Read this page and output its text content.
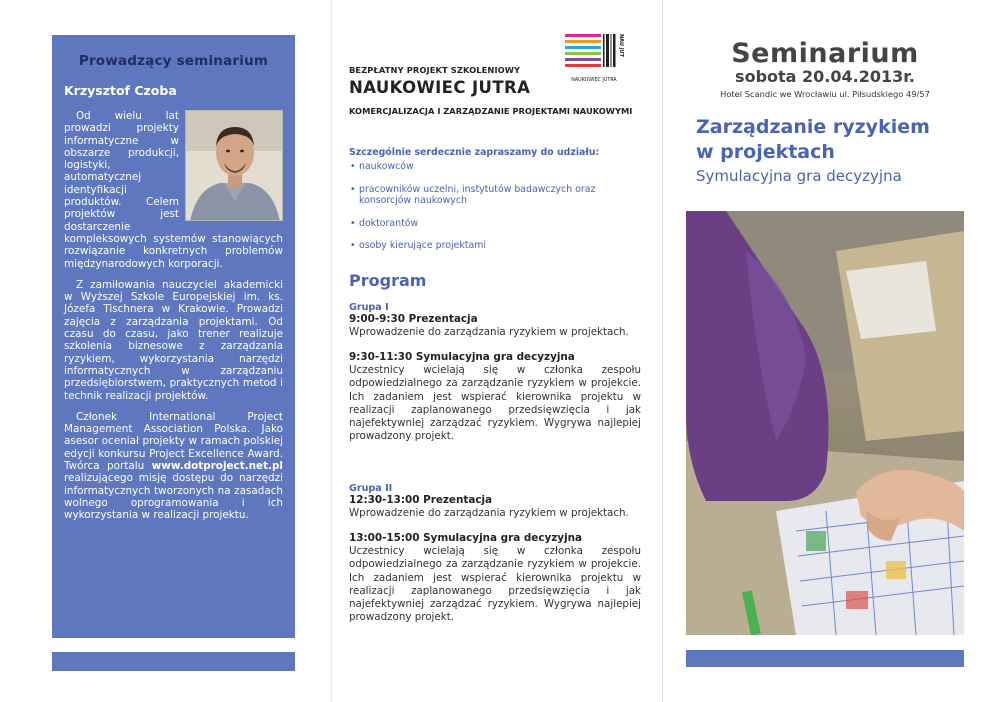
Prowadzący seminarium
Krzysztof Czoba

Od wielu lat prowadzi projekty informatyczne w obszarze produkcji, logistyki, automatycznej identyfikacji produktów. Celem projektów jest dostarczenie kompleksowych systemów stanowiących rozwiązanie konkretnych problemów międzynarodowych korporacji.

Z zamiłowania nauczyciel akademicki w Wyższej Szkole Europejskiej im. ks. Józefa Tischnera w Krakowie. Prowadzi zajęcia z zarządzania projektami. Od czasu do czasu, jako trener realizuje szkolenia biznesowe z zarządzania ryzykiem, wykorzystania narzędzi informatycznych w zarządzaniu przedsiębiorstwem, praktycznych metod i technik realizacji projektów.

Członek International Project Management Association Polska. Jako asesor oceniał projekty w ramach polskiej edycji konkursu Project Excellence Award. Twórca portalu www.dotproject.net.pl realizującego misję dostępu do narzędzi informatycznych tworzonych na zasadach wolnego oprogramowania i ich wykorzystania w realizacji projektu.

NAU JUT
NAUKOWIEC JUTRA
BEZPŁATNY PROJEKT SZKOLENIOWY
NAUKOWIEC JUTRA
KOMERCJALIZACJA I ZARZĄDZANIE PROJEKTAMI NAUKOWYMI
Szczególnie serdecznie zapraszamy do udziału:
• naukowców
• pracowników uczelni, instytutów badawczych oraz konsorcjów naukowych
• doktorantów
• osoby kierujące projektami
Program
Grupa I
9:00-9:30 Prezentacja
Wprowadzenie do zarządzania ryzykiem w projektach.
9:30-11:30 Symulacyjna gra decyzyjna
Uczestnicy wcielają się w członka zespołu odpowiedzialnego za zarządzanie ryzykiem w projekcie. Ich zadaniem jest wspierać kierownika projektu w realizacji zaplanowanego przedsięwzięcia i jak najefektywniej zarządzać ryzykiem. Wygrywa najlepiej prowadzony projekt.
Grupa II
12:30-13:00 Prezentacja
Wprowadzenie do zarządzania ryzykiem w projektach.
13:00-15:00 Symulacyjna gra decyzyjna
Uczestnicy wcielają się w członka zespołu odpowiedzialnego za zarządzanie ryzykiem w projekcie. Ich zadaniem jest wspierać kierownika projektu w realizacji zaplanowanego przedsięwzięcia i jak najefektywniej zarządzać ryzykiem. Wygrywa najlepiej prowadzony projekt.
Seminarium
sobota 20.04.2013r.
Hotel Scandic we Wrocławiu ul. Piłsudskiego 49/57
Zarządzanie ryzykiem
w projektach
Symulacyjna gra decyzyjna
